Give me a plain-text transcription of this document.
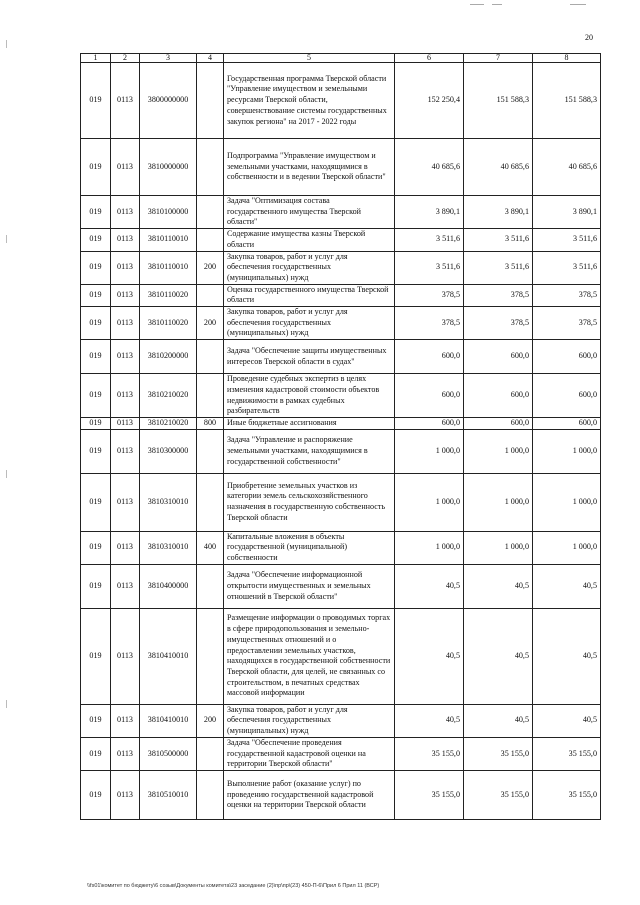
20
1	2	3	4	5	6	7	8
019	0113	3800000000		Государственная программа Тверской области "Управление имуществом и земельными ресурсами Тверской области, совершенствование системы государственных закупок региона" на 2017 - 2022 годы	152 250,4	151 588,3	151 588,3
019	0113	3810000000		Подпрограмма "Управление имуществом и земельными участками, находящимися в собственности и в ведении Тверской области"	40 685,6	40 685,6	40 685,6
019	0113	3810100000		Задача "Оптимизация состава государственного имущества Тверской области"	3 890,1	3 890,1	3 890,1
019	0113	3810110010		Содержание имущества казны Тверской области	3 511,6	3 511,6	3 511,6
019	0113	3810110010	200	Закупка товаров, работ и услуг для обеспечения государственных (муниципальных) нужд	3 511,6	3 511,6	3 511,6
019	0113	3810110020		Оценка государственного имущества Тверской области	378,5	378,5	378,5
019	0113	3810110020	200	Закупка товаров, работ и услуг для обеспечения государственных (муниципальных) нужд	378,5	378,5	378,5
019	0113	3810200000		Задача "Обеспечение защиты имущественных интересов Тверской области в судах"	600,0	600,0	600,0
019	0113	3810210020		Проведение судебных экспертиз в целях изменения кадастровой стоимости объектов недвижимости в рамках судебных разбирательств	600,0	600,0	600,0
019	0113	3810210020	800	Иные бюджетные ассигнования	600,0	600,0	600,0
019	0113	3810300000		Задача "Управление и распоряжение земельными участками, находящимися в государственной собственности"	1 000,0	1 000,0	1 000,0
019	0113	3810310010		Приобретение земельных участков из категории земель сельскохозяйственного назначения в государственную собственность Тверской области	1 000,0	1 000,0	1 000,0
019	0113	3810310010	400	Капитальные вложения в объекты государственной (муниципальной) собственности	1 000,0	1 000,0	1 000,0
019	0113	3810400000		Задача "Обеспечение информационной открытости имущественных и земельных отношений в Тверской области"	40,5	40,5	40,5
019	0113	3810410010		Размещение информации о проводимых торгах в сфере природопользования и земельно-имущественных отношений и о предоставлении земельных участков, находящихся в государственной собственности Тверской области, для целей, не связанных со строительством, в печатных средствах массовой информации	40,5	40,5	40,5
019	0113	3810410010	200	Закупка товаров, работ и услуг для обеспечения государственных (муниципальных) нужд	40,5	40,5	40,5
019	0113	3810500000		Задача "Обеспечение проведения государственной кадастровой оценки на территории Тверской области"	35 155,0	35 155,0	35 155,0
019	0113	3810510010		Выполнение работ (оказание услуг) по проведению государственной кадастровой оценки на территории Тверской области	35 155,0	35 155,0	35 155,0
\\fs01\комитет по бюджету\6 созыв\Документы комитета\23 заседание (2)\пр\пр\(23) 450-П-6\Прил 6 Прил 11 (ВСР)
